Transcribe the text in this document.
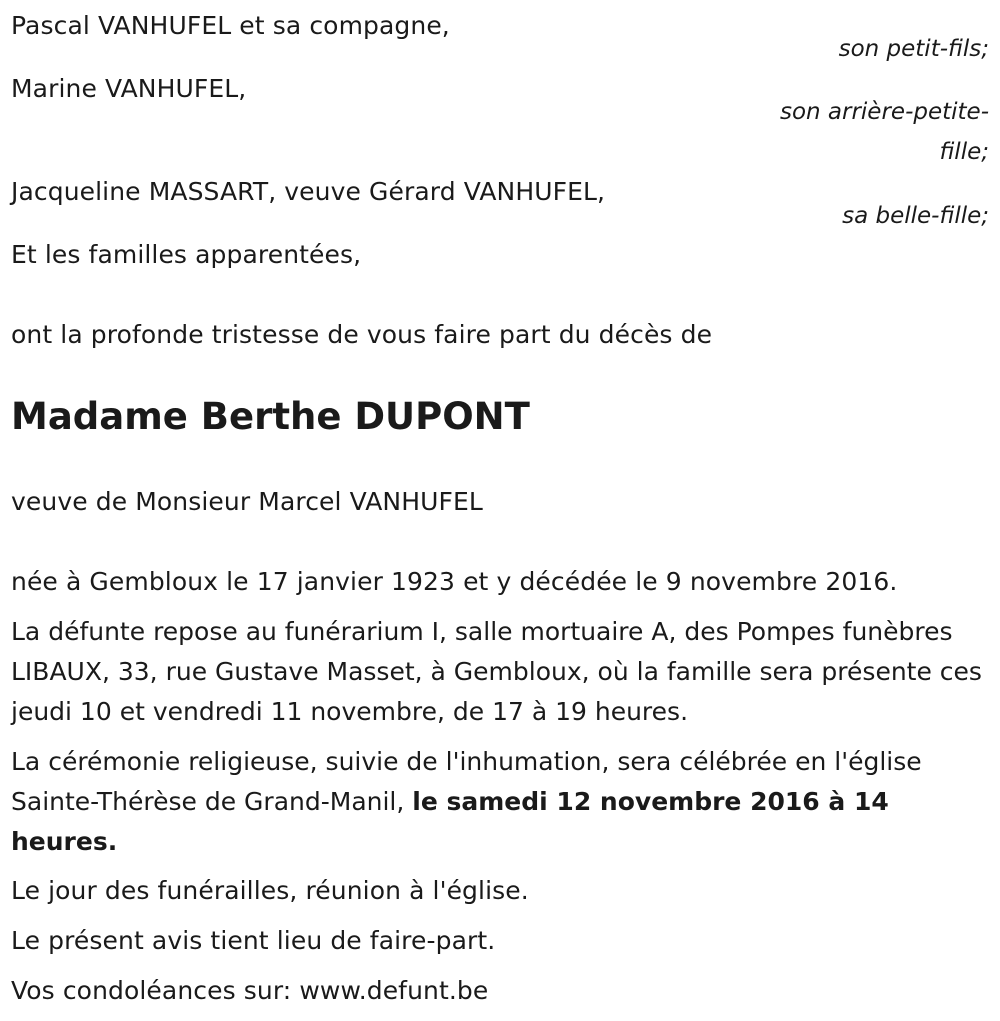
Pascal VANHUFEL et sa compagne,
son petit-fils;
Marine VANHUFEL,
son arrière-petite-fille;
Jacqueline MASSART, veuve Gérard VANHUFEL,
sa belle-fille;
Et les familles apparentées,
ont la profonde tristesse de vous faire part du décès de
Madame Berthe DUPONT
veuve de Monsieur Marcel VANHUFEL
née à Gembloux le 17 janvier 1923 et y décédée le 9 novembre 2016.
La défunte repose au funérarium I, salle mortuaire A, des Pompes funèbres LIBAUX, 33, rue Gustave Masset, à Gembloux, où la famille sera présente ces jeudi 10 et vendredi 11 novembre, de 17 à 19 heures.
La cérémonie religieuse, suivie de l'inhumation, sera célébrée en l'église Sainte-Thérèse de Grand-Manil, le samedi 12 novembre 2016 à 14 heures.
Le jour des funérailles, réunion à l'église.
Le présent avis tient lieu de faire-part.
Vos condoléances sur: www.defunt.be
